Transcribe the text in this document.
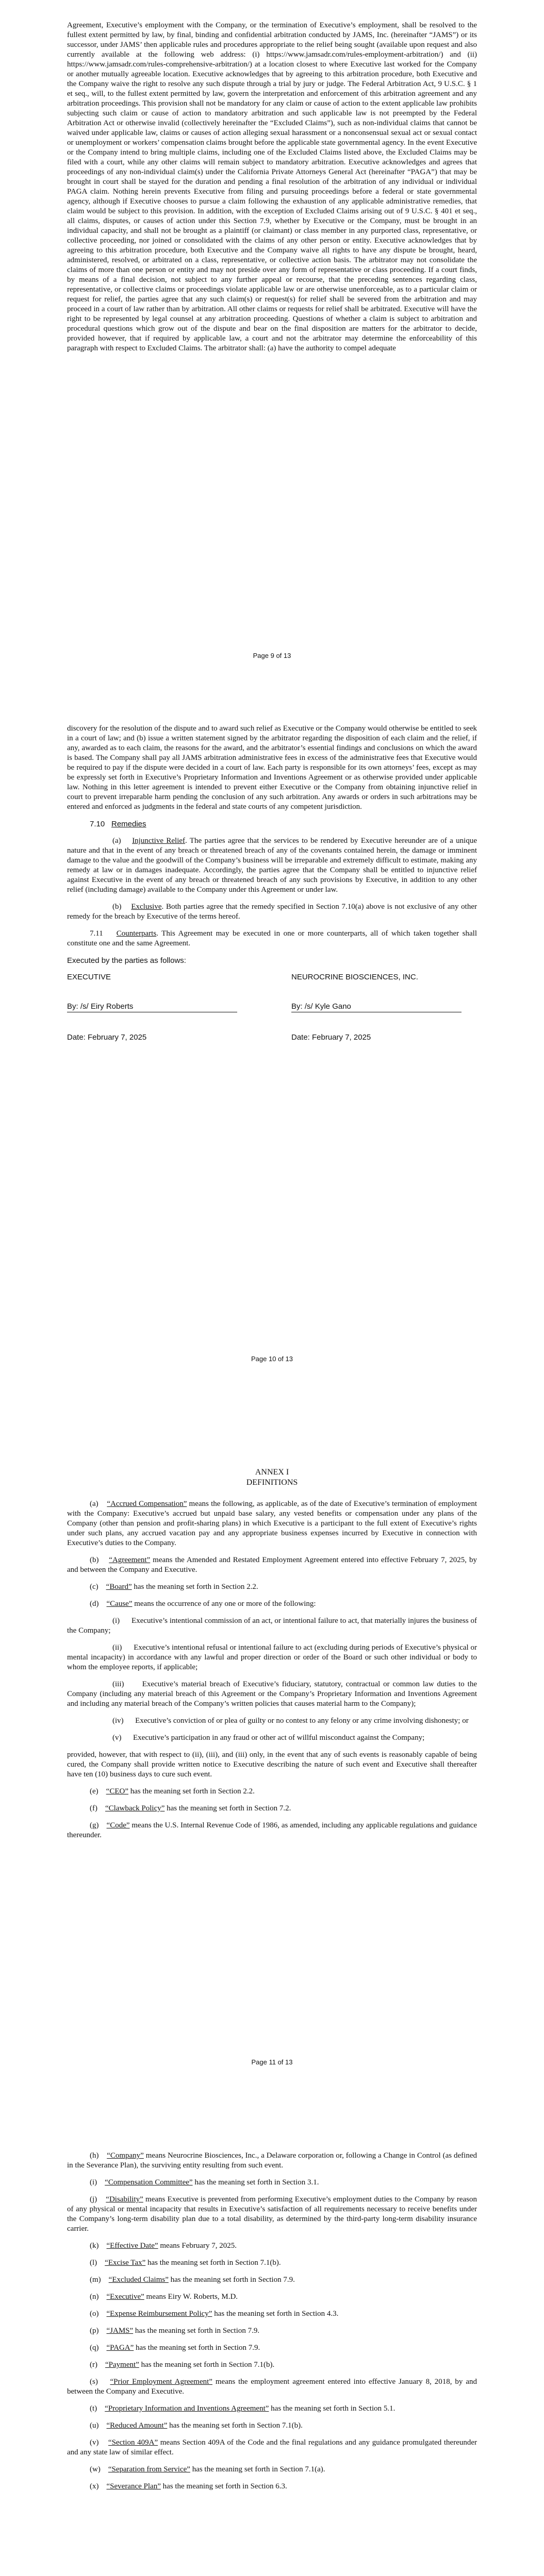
Agreement, Executive’s employment with the Company, or the termination of Executive’s employment, shall be resolved to the fullest extent permitted by law, by final, binding and confidential arbitration conducted by JAMS, Inc. (hereinafter “JAMS”) or its successor, under JAMS’ then applicable rules and procedures appropriate to the relief being sought (available upon request and also currently available at the following web address: (i) https://www.jamsadr.com/rules-employment-arbitration/) and (ii) https://www.jamsadr.com/rules-comprehensive-arbitration/) at a location closest to where Executive last worked for the Company or another mutually agreeable location. Executive acknowledges that by agreeing to this arbitration procedure, both Executive and the Company waive the right to resolve any such dispute through a trial by jury or judge. The Federal Arbitration Act, 9 U.S.C. § 1 et seq., will, to the fullest extent permitted by law, govern the interpretation and enforcement of this arbitration agreement and any arbitration proceedings. This provision shall not be mandatory for any claim or cause of action to the extent applicable law prohibits subjecting such claim or cause of action to mandatory arbitration and such applicable law is not preempted by the Federal Arbitration Act or otherwise invalid (collectively hereinafter the “Excluded Claims”), such as non-individual claims that cannot be waived under applicable law, claims or causes of action alleging sexual harassment or a nonconsensual sexual act or sexual contact or unemployment or workers’ compensation claims brought before the applicable state governmental agency. In the event Executive or the Company intend to bring multiple claims, including one of the Excluded Claims listed above, the Excluded Claims may be filed with a court, while any other claims will remain subject to mandatory arbitration. Executive acknowledges and agrees that proceedings of any non-individual claim(s) under the California Private Attorneys General Act (hereinafter “PAGA”) that may be brought in court shall be stayed for the duration and pending a final resolution of the arbitration of any individual or individual PAGA claim. Nothing herein prevents Executive from filing and pursuing proceedings before a federal or state governmental agency, although if Executive chooses to pursue a claim following the exhaustion of any applicable administrative remedies, that claim would be subject to this provision. In addition, with the exception of Excluded Claims arising out of 9 U.S.C. § 401 et seq., all claims, disputes, or causes of action under this Section 7.9, whether by Executive or the Company, must be brought in an individual capacity, and shall not be brought as a plaintiff (or claimant) or class member in any purported class, representative, or collective proceeding, nor joined or consolidated with the claims of any other person or entity. Executive acknowledges that by agreeing to this arbitration procedure, both Executive and the Company waive all rights to have any dispute be brought, heard, administered, resolved, or arbitrated on a class, representative, or collective action basis. The arbitrator may not consolidate the claims of more than one person or entity and may not preside over any form of representative or class proceeding. If a court finds, by means of a final decision, not subject to any further appeal or recourse, that the preceding sentences regarding class, representative, or collective claims or proceedings violate applicable law or are otherwise unenforceable, as to a particular claim or request for relief, the parties agree that any such claim(s) or request(s) for relief shall be severed from the arbitration and may proceed in a court of law rather than by arbitration. All other claims or requests for relief shall be arbitrated. Executive will have the right to be represented by legal counsel at any arbitration proceeding. Questions of whether a claim is subject to arbitration and procedural questions which grow out of the dispute and bear on the final disposition are matters for the arbitrator to decide, provided however, that if required by applicable law, a court and not the arbitrator may determine the enforceability of this paragraph with respect to Excluded Claims. The arbitrator shall: (a) have the authority to compel adequate

Page 9 of 13

discovery for the resolution of the dispute and to award such relief as Executive or the Company would otherwise be entitled to seek in a court of law; and (b) issue a written statement signed by the arbitrator regarding the disposition of each claim and the relief, if any, awarded as to each claim, the reasons for the award, and the arbitrator’s essential findings and conclusions on which the award is based. The Company shall pay all JAMS arbitration administrative fees in excess of the administrative fees that Executive would be required to pay if the dispute were decided in a court of law. Each party is responsible for its own attorneys’ fees, except as may be expressly set forth in Executive’s Proprietary Information and Inventions Agreement or as otherwise provided under applicable law. Nothing in this letter agreement is intended to prevent either Executive or the Company from obtaining injunctive relief in court to prevent irreparable harm pending the conclusion of any such arbitration. Any awards or orders in such arbitrations may be entered and enforced as judgments in the federal and state courts of any competent jurisdiction.

7.10 Remedies

(a) Injunctive Relief. The parties agree that the services to be rendered by Executive hereunder are of a unique nature and that in the event of any breach or threatened breach of any of the covenants contained herein, the damage or imminent damage to the value and the goodwill of the Company’s business will be irreparable and extremely difficult to estimate, making any remedy at law or in damages inadequate. Accordingly, the parties agree that the Company shall be entitled to injunctive relief against Executive in the event of any breach or threatened breach of any such provisions by Executive, in addition to any other relief (including damage) available to the Company under this Agreement or under law.

(b) Exclusive. Both parties agree that the remedy specified in Section 7.10(a) above is not exclusive of any other remedy for the breach by Executive of the terms hereof.

7.11 Counterparts. This Agreement may be executed in one or more counterparts, all of which taken together shall constitute one and the same Agreement.

Executed by the parties as follows:

EXECUTIVE	NEUROCRINE BIOSCIENCES, INC.
By: /s/ Eiry Roberts	By: /s/ Kyle Gano
Date: February 7, 2025	Date: February 7, 2025
Page 10 of 13
ANNEX I
DEFINITIONS

(a) “Accrued Compensation” means the following, as applicable, as of the date of Executive’s termination of employment with the Company: Executive’s accrued but unpaid base salary, any vested benefits or compensation under any plans of the Company (other than pension and profit-sharing plans) in which Executive is a participant to the full extent of Executive’s rights under such plans, any accrued vacation pay and any appropriate business expenses incurred by Executive in connection with Executive’s duties to the Company.

(b) “Agreement” means the Amended and Restated Employment Agreement entered into effective February 7, 2025, by and between the Company and Executive.

(c) “Board” has the meaning set forth in Section 2.2.

(d) “Cause” means the occurrence of any one or more of the following:

(i) Executive’s intentional commission of an act, or intentional failure to act, that materially injures the business of the Company;

(ii) Executive’s intentional refusal or intentional failure to act (excluding during periods of Executive’s physical or mental incapacity) in accordance with any lawful and proper direction or order of the Board or such other individual or body to whom the employee reports, if applicable;

(iii) Executive’s material breach of Executive’s fiduciary, statutory, contractual or common law duties to the Company (including any material breach of this Agreement or the Company’s Proprietary Information and Inventions Agreement and including any material breach of the Company’s written policies that causes material harm to the Company);

(iv) Executive’s conviction of or plea of guilty or no contest to any felony or any crime involving dishonesty; or

(v) Executive’s participation in any fraud or other act of willful misconduct against the Company;

provided, however, that with respect to (ii), (iii), and (iii) only, in the event that any of such events is reasonably capable of being cured, the Company shall provide written notice to Executive describing the nature of such event and Executive shall thereafter have ten (10) business days to cure such event.

(e) “CEO” has the meaning set forth in Section 2.2.

(f) “Clawback Policy” has the meaning set forth in Section 7.2.

(g) “Code” means the U.S. Internal Revenue Code of 1986, as amended, including any applicable regulations and guidance thereunder.

Page 11 of 13

(h) “Company” means Neurocrine Biosciences, Inc., a Delaware corporation or, following a Change in Control (as defined in the Severance Plan), the surviving entity resulting from such event.

(i) “Compensation Committee” has the meaning set forth in Section 3.1.

(j) “Disability” means Executive is prevented from performing Executive’s employment duties to the Company by reason of any physical or mental incapacity that results in Executive’s satisfaction of all requirements necessary to receive benefits under the Company’s long-term disability plan due to a total disability, as determined by the third-party long-term disability insurance carrier.

(k) “Effective Date” means February 7, 2025.

(l) “Excise Tax” has the meaning set forth in Section 7.1(b).

(m) “Excluded Claims” has the meaning set forth in Section 7.9.

(n) “Executive” means Eiry W. Roberts, M.D.

(o) “Expense Reimbursement Policy” has the meaning set forth in Section 4.3.

(p) “JAMS” has the meaning set forth in Section 7.9.

(q) “PAGA” has the meaning set forth in Section 7.9.

(r) “Payment” has the meaning set forth in Section 7.1(b).

(s) “Prior Employment Agreement” means the employment agreement entered into effective January 8, 2018, by and between the Company and Executive.

(t) “Proprietary Information and Inventions Agreement” has the meaning set forth in Section 5.1.

(u) “Reduced Amount” has the meaning set forth in Section 7.1(b).

(v) “Section 409A” means Section 409A of the Code and the final regulations and any guidance promulgated thereunder and any state law of similar effect.

(w) “Separation from Service” has the meaning set forth in Section 7.1(a).

(x) “Severance Plan” has the meaning set forth in Section 6.3.
